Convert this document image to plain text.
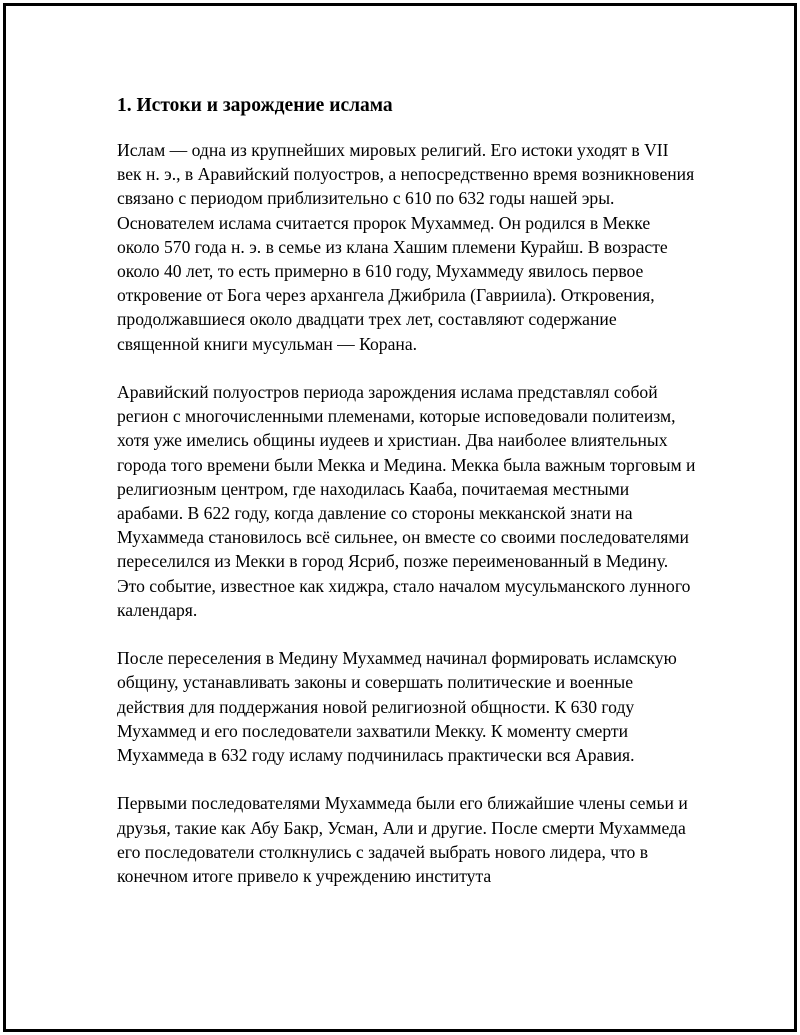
1. Истоки и зарождение ислама

Ислам — одна из крупнейших мировых религий. Его истоки уходят в VII век н. э., в Аравийский полуостров, а непосредственно время возникновения связано с периодом приблизительно с 610 по 632 годы нашей эры. Основателем ислама считается пророк Мухаммед. Он родился в Мекке около 570 года н. э. в семье из клана Хашим племени Курайш. В возрасте около 40 лет, то есть примерно в 610 году, Мухаммеду явилось первое откровение от Бога через архангела Джибрила (Гавриила). Откровения, продолжавшиеся около двадцати трех лет, составляют содержание священной книги мусульман — Корана.

Аравийский полуостров периода зарождения ислама представлял собой регион с многочисленными племенами, которые исповедовали политеизм, хотя уже имелись общины иудеев и христиан. Два наиболее влиятельных города того времени были Мекка и Медина. Мекка была важным торговым и религиозным центром, где находилась Кааба, почитаемая местными арабами. В 622 году, когда давление со стороны мекканской знати на Мухаммеда становилось всё сильнее, он вместе со своими последователями переселился из Мекки в город Ясриб, позже переименованный в Медину. Это событие, известное как хиджра, стало началом мусульманского лунного календаря.

После переселения в Медину Мухаммед начинал формировать исламскую общину, устанавливать законы и совершать политические и военные действия для поддержания новой религиозной общности. К 630 году Мухаммед и его последователи захватили Мекку. К моменту смерти Мухаммеда в 632 году исламу подчинилась практически вся Аравия.

Первыми последователями Мухаммеда были его ближайшие члены семьи и друзья, такие как Абу Бакр, Усман, Али и другие. После смерти Мухаммеда его последователи столкнулись с задачей выбрать нового лидера, что в конечном итоге привело к учреждению института
